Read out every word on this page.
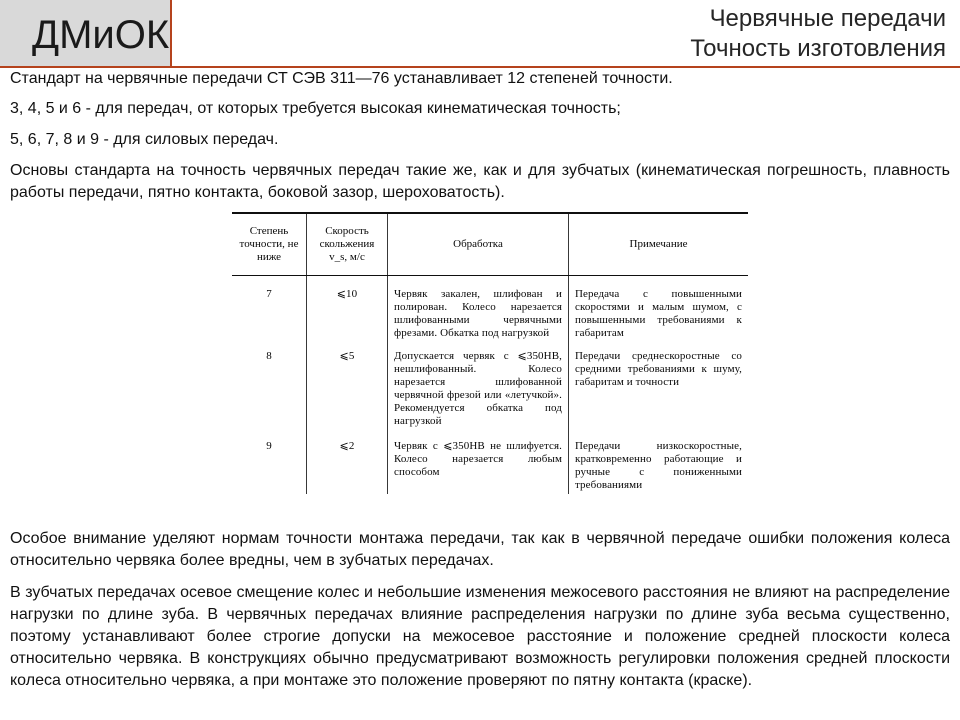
ДМиОК	Червячные передачи
Точность изготовления
Стандарт на червячные передачи СТ СЭВ 311—76 устанавливает 12 степеней точности.
3, 4, 5 и 6 - для передач, от которых требуется высокая кинематическая точность;
5, 6, 7, 8 и 9 - для силовых передач.
Основы стандарта на точность червячных передач такие же, как и для зубчатых (кинематическая погрешность, плавность работы передачи, пятно контакта, боковой зазор, шероховатость).
Степень точности, не ниже	Скорость скольжения v_s, м/с	Обработка	Примечание
7	⩽10	Червяк закален, шлифован и полирован. Колесо нарезается шлифованными червячными фрезами. Обкатка под нагрузкой	Передача с повышенными скоростями и малым шумом, с повышенными требованиями к габаритам
8	⩽5	Допускается червяк с ⩽350HB, нешлифованный. Колесо нарезается шлифованной червячной фрезой или «летучкой». Рекомендуется обкатка под нагрузкой	Передачи среднескоростные со средними требованиями к шуму, габаритам и точности
9	⩽2	Червяк с ⩽350HB не шлифуется. Колесо нарезается любым способом	Передачи низкоскоростные, кратковременно работающие и ручные с пониженными требованиями
Особое внимание уделяют нормам точности монтажа передачи, так как в червячной передаче ошибки положения колеса относительно червяка более вредны, чем в зубчатых передачах.
В зубчатых передачах осевое смещение колес и небольшие изменения межосевого расстояния не влияют на распределение нагрузки по длине зуба. В червячных передачах влияние распределения нагрузки по длине зуба весьма существенно, поэтому устанавливают более строгие допуски на межосевое расстояние и положение средней плоскости колеса относительно червяка. В конструкциях обычно предусматривают возможность регулировки положения средней плоскости колеса относительно червяка, а при монтаже это положение проверяют по пятну контакта (краске).
